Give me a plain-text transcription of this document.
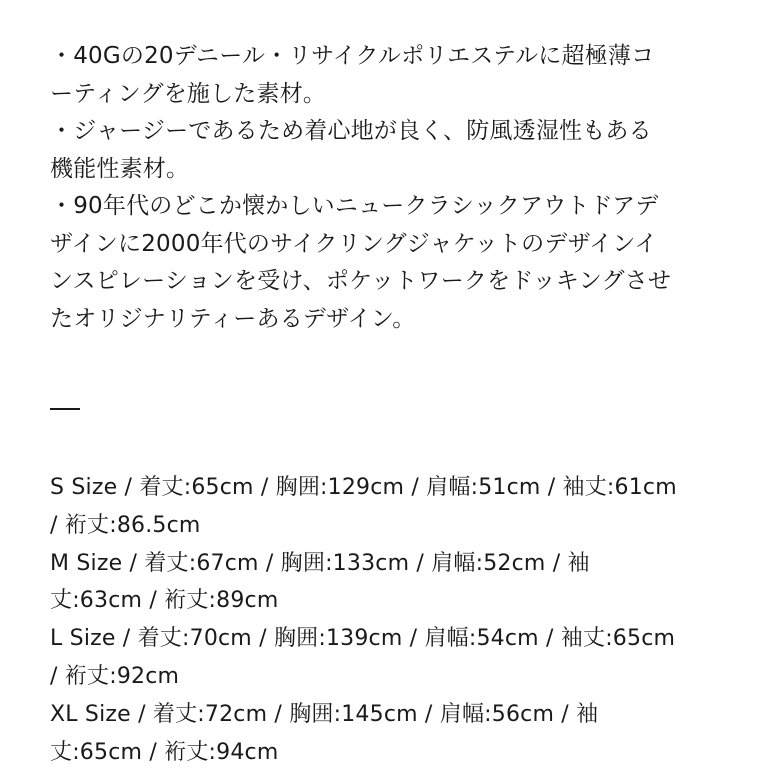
・40Gの20デニール・リサイクルポリエステルに超極薄コ
ーティングを施した素材。
・ジャージーであるため着心地が良く、防風透湿性もある
機能性素材。
・90年代のどこか懐かしいニュークラシックアウトドアデ
ザインに2000年代のサイクリングジャケットのデザインイ
ンスピレーションを受け、ポケットワークをドッキングさせ
たオリジナリティーあるデザイン。
S Size / 着丈:65cm / 胸囲:129cm / 肩幅:51cm / 袖丈:61cm
/ 裄丈:86.5cm
M Size / 着丈:67cm / 胸囲:133cm / 肩幅:52cm / 袖
丈:63cm / 裄丈:89cm
L Size / 着丈:70cm / 胸囲:139cm / 肩幅:54cm / 袖丈:65cm
/ 裄丈:92cm
XL Size / 着丈:72cm / 胸囲:145cm / 肩幅:56cm / 袖
丈:65cm / 裄丈:94cm
